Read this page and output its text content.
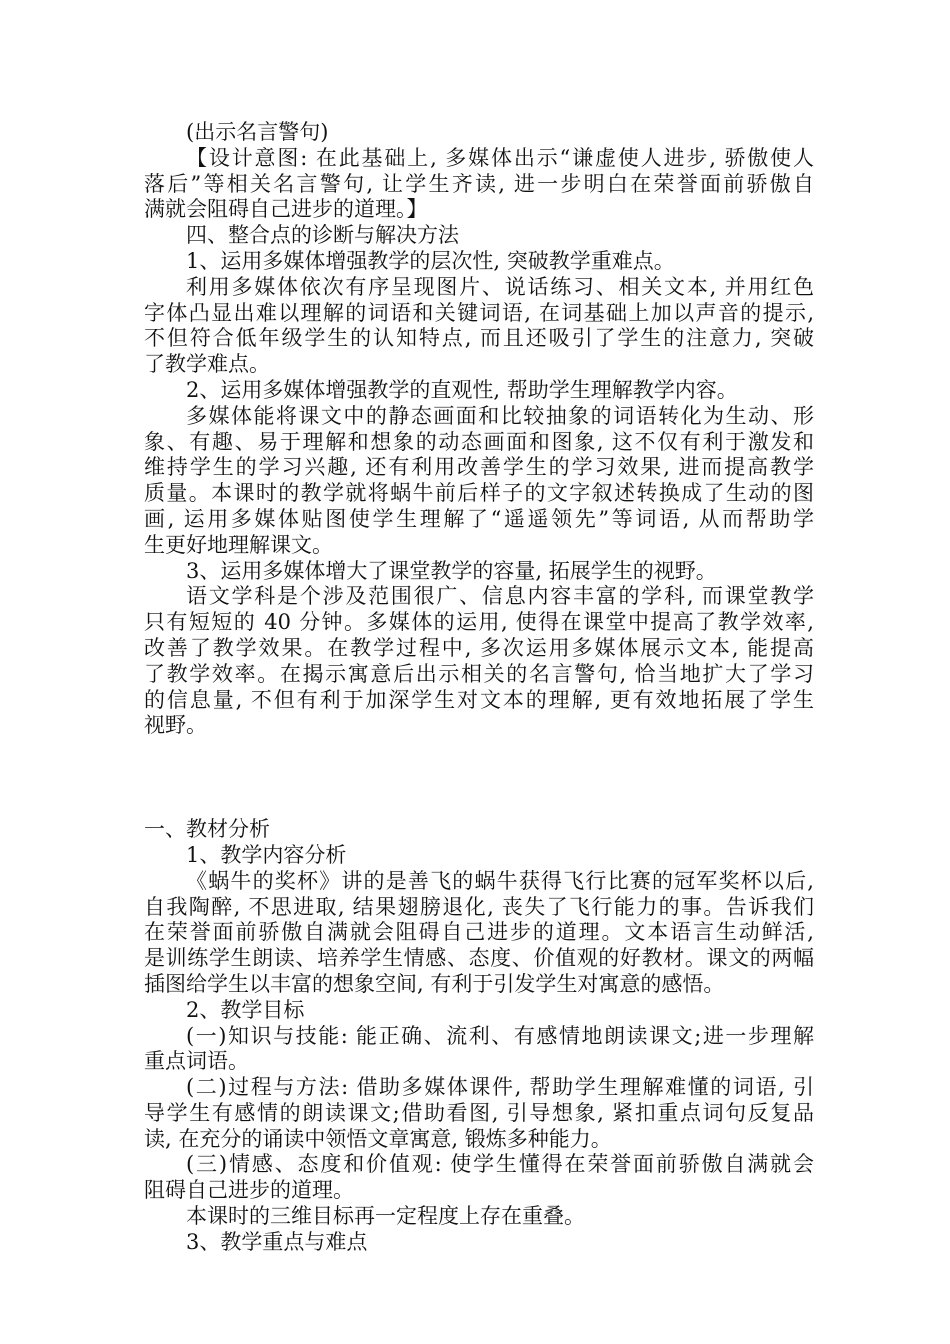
(出示名言警句)
【设计意图: 在此基础上, 多媒体出示“谦虚使人进步, 骄傲使人
落后”等相关名言警句, 让学生齐读, 进一步明白在荣誉面前骄傲自
满就会阻碍自己进步的道理。】
四、整合点的诊断与解决方法
1、运用多媒体增强教学的层次性, 突破教学重难点。
利用多媒体依次有序呈现图片、说话练习、相关文本, 并用红色
字体凸显出难以理解的词语和关键词语, 在词基础上加以声音的提示,
不但符合低年级学生的认知特点, 而且还吸引了学生的注意力, 突破
了教学难点。
2、运用多媒体增强教学的直观性, 帮助学生理解教学内容。
多媒体能将课文中的静态画面和比较抽象的词语转化为生动、形
象、有趣、易于理解和想象的动态画面和图象, 这不仅有利于激发和
维持学生的学习兴趣, 还有利用改善学生的学习效果, 进而提高教学
质量。本课时的教学就将蜗牛前后样子的文字叙述转换成了生动的图
画, 运用多媒体贴图使学生理解了“遥遥领先”等词语, 从而帮助学
生更好地理解课文。
3、运用多媒体增大了课堂教学的容量, 拓展学生的视野。
语文学科是个涉及范围很广、信息内容丰富的学科, 而课堂教学
只有短短的 40 分钟。多媒体的运用, 使得在课堂中提高了教学效率,
改善了教学效果。在教学过程中, 多次运用多媒体展示文本, 能提高
了教学效率。在揭示寓意后出示相关的名言警句, 恰当地扩大了学习
的信息量, 不但有利于加深学生对文本的理解, 更有效地拓展了学生
视野。
一、教材分析
1、教学内容分析
《蜗牛的奖杯》讲的是善飞的蜗牛获得飞行比赛的冠军奖杯以后,
自我陶醉, 不思进取, 结果翅膀退化, 丧失了飞行能力的事。告诉我们
在荣誉面前骄傲自满就会阻碍自己进步的道理。文本语言生动鲜活,
是训练学生朗读、培养学生情感、态度、价值观的好教材。课文的两幅
插图给学生以丰富的想象空间, 有利于引发学生对寓意的感悟。
2、教学目标
(一)知识与技能: 能正确、流利、有感情地朗读课文;进一步理解
重点词语。
(二)过程与方法: 借助多媒体课件, 帮助学生理解难懂的词语, 引
导学生有感情的朗读课文;借助看图, 引导想象, 紧扣重点词句反复品
读, 在充分的诵读中领悟文章寓意, 锻炼多种能力。
(三)情感、态度和价值观: 使学生懂得在荣誉面前骄傲自满就会
阻碍自己进步的道理。
本课时的三维目标再一定程度上存在重叠。
3、教学重点与难点
